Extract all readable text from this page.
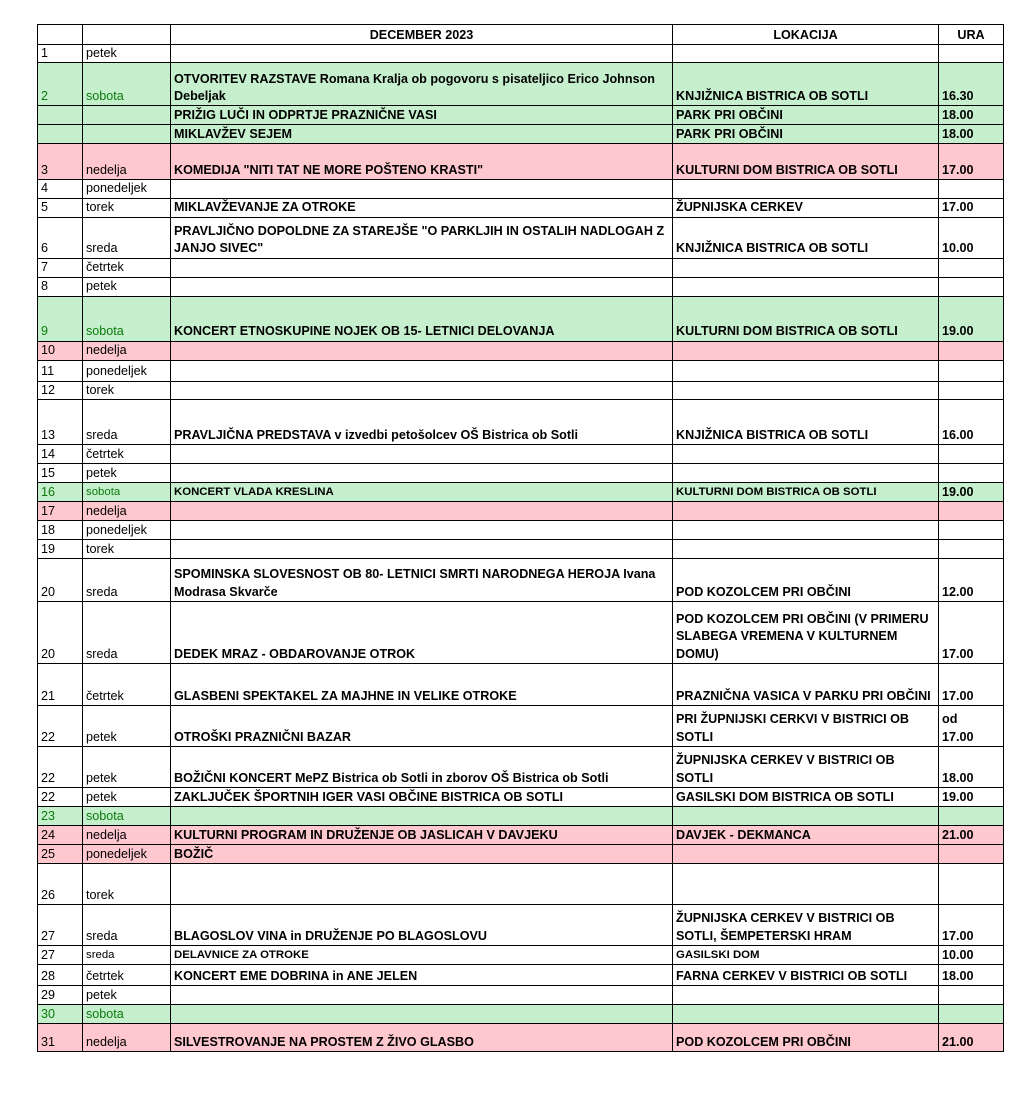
		DECEMBER 2023	LOKACIJA	URA
1	petek			
2	sobota	OTVORITEV RAZSTAVE Romana Kralja ob pogovoru s pisateljico Erico Johnson Debeljak	KNJIŽNICA BISTRICA OB SOTLI	16.30
		PRIŽIG LUČI IN ODPRTJE PRAZNIČNE VASI	PARK PRI OBČINI	18.00
		MIKLAVŽEV SEJEM	PARK PRI OBČINI	18.00
3	nedelja	KOMEDIJA "NITI TAT NE MORE POŠTENO KRASTI"	KULTURNI DOM BISTRICA OB SOTLI	17.00
4	ponedeljek			
5	torek	MIKLAVŽEVANJE ZA OTROKE	ŽUPNIJSKA CERKEV	17.00
6	sreda	PRAVLJIČNO DOPOLDNE ZA STAREJŠE "O PARKLJIH IN OSTALIH NADLOGAH Z JANJO SIVEC"	KNJIŽNICA BISTRICA OB SOTLI	10.00
7	četrtek			
8	petek			
9	sobota	KONCERT ETNOSKUPINE NOJEK OB 15- LETNICI DELOVANJA	KULTURNI DOM BISTRICA OB SOTLI	19.00
10	nedelja			
11	ponedeljek			
12	torek			
13	sreda	PRAVLJIČNA PREDSTAVA v izvedbi petošolcev OŠ Bistrica ob Sotli	KNJIŽNICA BISTRICA OB SOTLI	16.00
14	četrtek			
15	petek			
16	sobota	KONCERT VLADA KRESLINA	KULTURNI DOM BISTRICA OB SOTLI	19.00
17	nedelja			
18	ponedeljek			
19	torek			
20	sreda	SPOMINSKA SLOVESNOST OB 80- LETNICI SMRTI NARODNEGA HEROJA Ivana Modrasa Skvarče	POD KOZOLCEM PRI OBČINI	12.00
20	sreda	DEDEK MRAZ - OBDAROVANJE OTROK	POD KOZOLCEM PRI OBČINI (V PRIMERU SLABEGA VREMENA V KULTURNEM DOMU)	17.00
21	četrtek	GLASBENI SPEKTAKEL ZA MAJHNE IN VELIKE OTROKE	PRAZNIČNA VASICA V PARKU PRI OBČINI	17.00
22	petek	OTROŠKI PRAZNIČNI BAZAR	PRI ŽUPNIJSKI CERKVI V BISTRICI OB SOTLI	od
17.00
22	petek	BOŽIČNI KONCERT MePZ Bistrica ob Sotli in zborov OŠ Bistrica ob Sotli	ŽUPNIJSKA CERKEV V BISTRICI OB SOTLI	18.00
22	petek	ZAKLJUČEK ŠPORTNIH IGER VASI OBČINE BISTRICA OB SOTLI	GASILSKI DOM BISTRICA OB SOTLI	19.00
23	sobota			
24	nedelja	KULTURNI PROGRAM IN DRUŽENJE OB JASLICAH V DAVJEKU	DAVJEK - DEKMANCA	21.00
25	ponedeljek	BOŽIČ		
26	torek			
27	sreda	BLAGOSLOV VINA in DRUŽENJE PO BLAGOSLOVU	ŽUPNIJSKA CERKEV V BISTRICI OB SOTLI, ŠEMPETERSKI HRAM	17.00
27	sreda	DELAVNICE ZA OTROKE	GASILSKI DOM	10.00
28	četrtek	KONCERT EME DOBRINA in ANE JELEN	FARNA CERKEV V BISTRICI OB SOTLI	18.00
29	petek			
30	sobota			
31	nedelja	SILVESTROVANJE NA PROSTEM Z ŽIVO GLASBO	POD KOZOLCEM PRI OBČINI	21.00
